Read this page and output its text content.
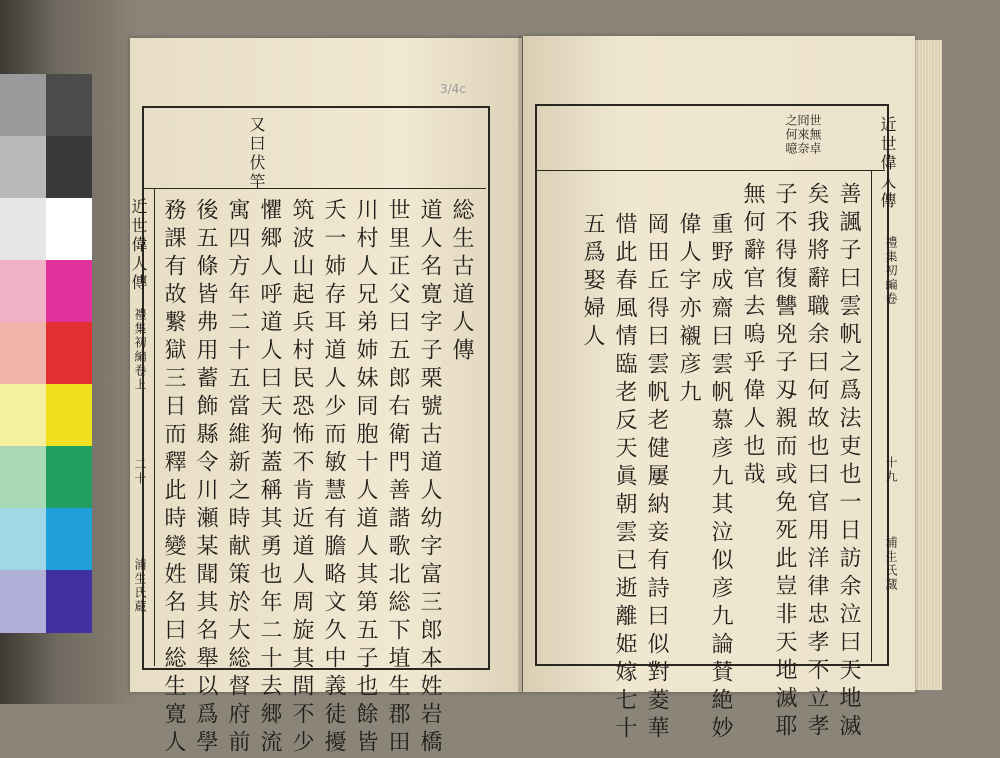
3/4c
又曰伏竿
総生古道人傳
道人名寛字子栗號古道人幼字富三郎本姓岩橋
世里正父曰五郎右衛門善諧歌北総下埴生郡田
川村人兄弟姉妹同胞十人道人其第五子也餘皆
夭一姉存耳道人少而敏慧有膽略文久中義徒擾
筑波山起兵村民恐怖不肯近道人周旋其間不少
懼郷人呼道人曰天狗蓋稱其勇也年二十去郷流
寓四方年二十五當維新之時献策於大総督府前
後五條皆弗用蓄飾縣令川瀬某聞其名舉以爲學
務課有故繋獄三日而釋此時變姓名曰総生寛人
近世偉人傳
禮集初編卷上
二十
浦生氏蔵
世無卓冏來奈之何噫
善諷子曰雲帆之爲法吏也一日訪余泣曰天地滅
矣我將辭職余曰何故也曰官用洋律忠孝不立孝
子不得復讐兇子刄親而或免死此豈非天地滅耶
無何辭官去嗚乎偉人也哉
重野成齋曰雲帆慕彦九其泣似彦九論賛絶妙
偉人字亦襯彦九
岡田丘得曰雲帆老健屢納妾有詩曰似對菱華
惜此春風情臨老反天眞朝雲已逝離姫嫁七十
五爲娶婦人
近世偉人傳
禮集初編卷
十九
浦生氏蔵
